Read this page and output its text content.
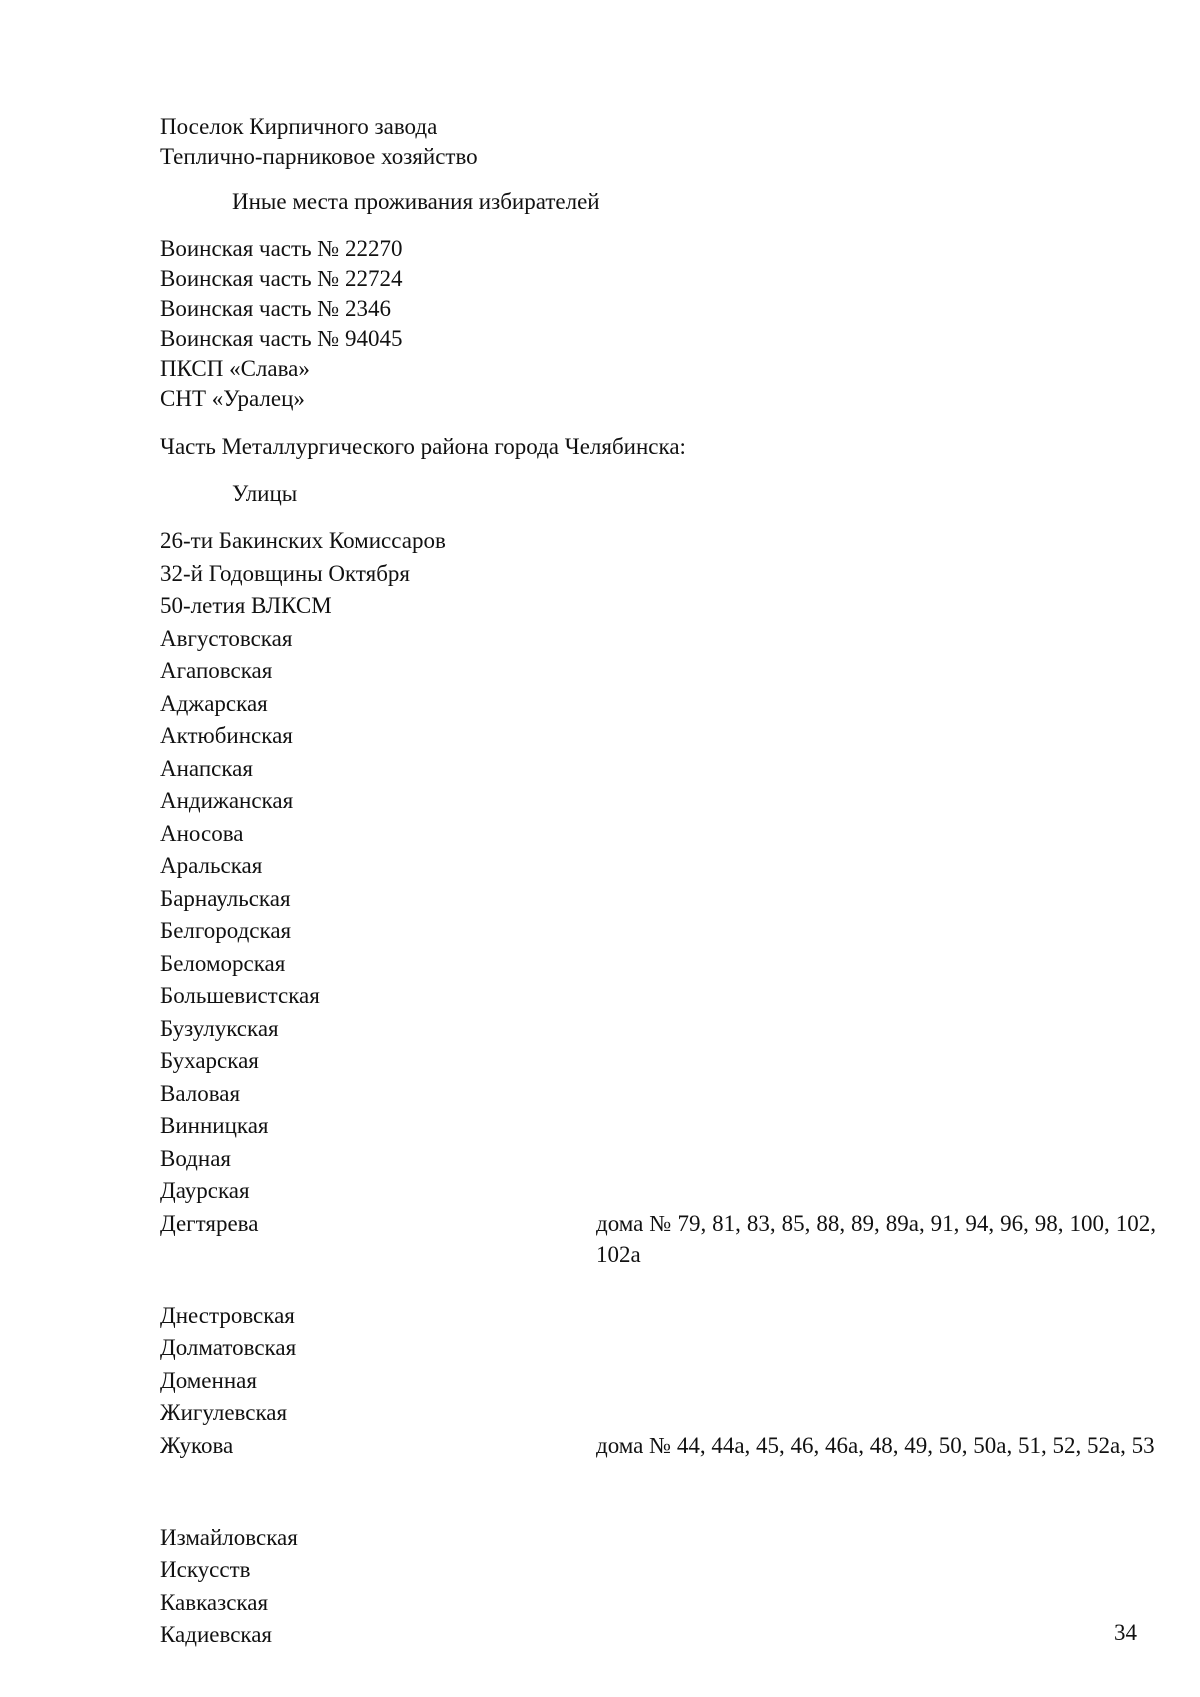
Поселок Кирпичного завода
Теплично-парниковое хозяйство
Иные места проживания избирателей
Воинская часть № 22270
Воинская часть № 22724
Воинская часть № 2346
Воинская часть № 94045
ПКСП «Слава»
СНТ «Уралец»
Часть Металлургического района города Челябинска:
Улицы
26-ти Бакинских Комиссаров
32-й Годовщины Октября
50-летия ВЛКСМ
Августовская
Агаповская
Аджарская
Актюбинская
Анапская
Андижанская
Аносова
Аральская
Барнаульская
Белгородская
Беломорская
Большевистская
Бузулукская
Бухарская
Валовая
Винницкая
Водная
Даурская
Дегтярева	дома № 79, 81, 83, 85, 88, 89, 89а, 91, 94, 96, 98, 100, 102, 102а
Днестровская
Долматовская
Доменная
Жигулевская
Жукова	дома № 44, 44а, 45, 46, 46а, 48, 49, 50, 50а, 51, 52, 52а, 53
Измайловская
Искусств
Кавказская
Кадиевская	34
